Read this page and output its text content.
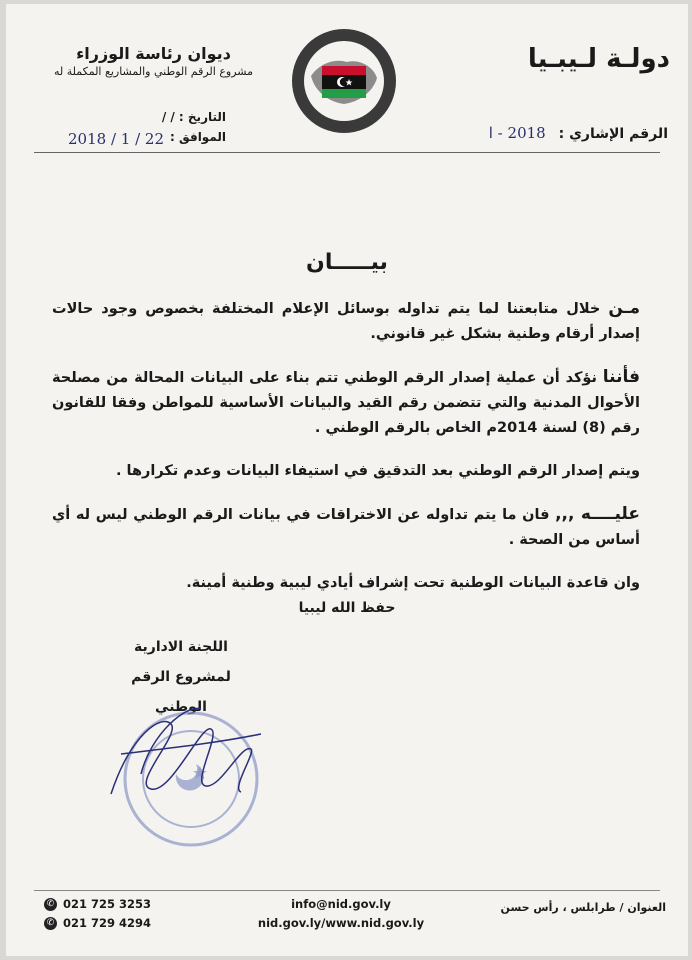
دولـة لـيبـيا
ديوان رئاسة الوزراء
مشروع الرقم الوطني والمشاريع المكملة له
الرقم الإشاري : 2018 - ا
التاريخ : / /
الموافق :
2018 / 1 / 22
بيـــــان

مـن خلال متابعتنا لما يتم تداوله بوسائل الإعلام المختلفة بخصوص وجود حالات إصدار أرقام وطنية بشكل غير قانوني.

فأننا نؤكد أن عملية إصدار الرقم الوطني تتم بناء على البيانات المحالة من مصلحة الأحوال المدنية والتي تتضمن رقم القيد والبيانات الأساسية للمواطن وفقا للقانون رقم (8) لسنة 2014م الخاص بالرقم الوطني .

ويتم إصدار الرقم الوطني بعد التدقيق في استيفاء البيانات وعدم تكرارها .

عليــــه ,,, فان ما يتم تداوله عن الاختراقات في بيانات الرقم الوطني ليس له أي أساس من الصحة .

وان قاعدة البيانات الوطنية تحت إشراف أيادي ليبية وطنية أمينة.

حفظ الله ليبيا
اللجنة الادارية
لمشروع الرقم الوطني
العنوان / طرابلس ، رأس حسن
info@nid.gov.ly
nid.gov.ly/www.nid.gov.ly
✆ 021 725 3253
✆ 021 729 4294
